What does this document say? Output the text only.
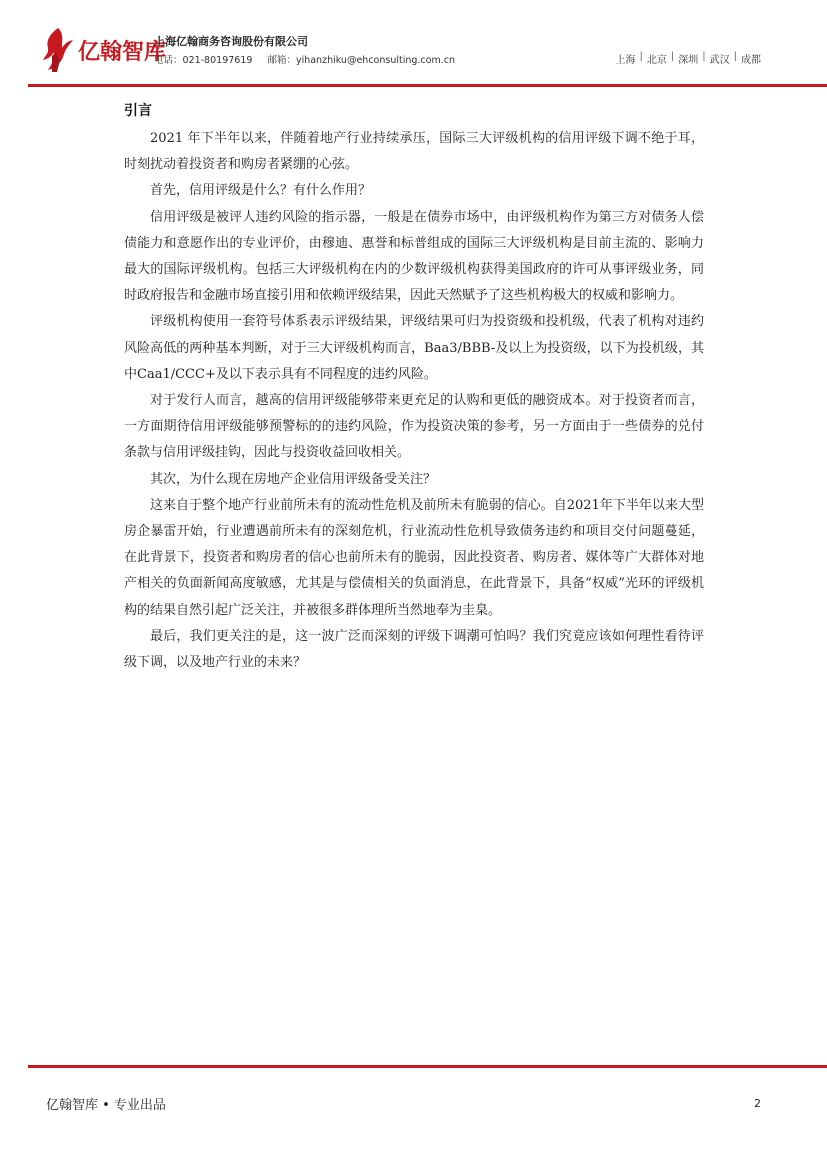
亿翰智库
上海亿翰商务咨询股份有限公司
电话：021-80197619 邮箱：yihanzhiku@ehconsulting.com.cn	上海 | 北京 | 深圳 | 武汉 | 成都
引言

2021 年下半年以来，伴随着地产行业持续承压，国际三大评级机构的信用评级下调不绝于耳，时刻扰动着投资者和购房者紧绷的心弦。

首先，信用评级是什么？有什么作用？

信用评级是被评人违约风险的指示器，一般是在债券市场中，由评级机构作为第三方对债务人偿债能力和意愿作出的专业评价，由穆迪、惠誉和标普组成的国际三大评级机构是目前主流的、影响力最大的国际评级机构。包括三大评级机构在内的少数评级机构获得美国政府的许可从事评级业务，同时政府报告和金融市场直接引用和依赖评级结果，因此天然赋予了这些机构极大的权威和影响力。

评级机构使用一套符号体系表示评级结果，评级结果可归为投资级和投机级，代表了机构对违约风险高低的两种基本判断，对于三大评级机构而言，Baa3/BBB-及以上为投资级，以下为投机级，其中Caa1/CCC+及以下表示具有不同程度的违约风险。

对于发行人而言，越高的信用评级能够带来更充足的认购和更低的融资成本。对于投资者而言，一方面期待信用评级能够预警标的的违约风险，作为投资决策的参考，另一方面由于一些债券的兑付条款与信用评级挂钩，因此与投资收益回收相关。

其次，为什么现在房地产企业信用评级备受关注？

这来自于整个地产行业前所未有的流动性危机及前所未有脆弱的信心。自2021年下半年以来大型房企暴雷开始，行业遭遇前所未有的深刻危机，行业流动性危机导致债务违约和项目交付问题蔓延，在此背景下，投资者和购房者的信心也前所未有的脆弱，因此投资者、购房者、媒体等广大群体对地产相关的负面新闻高度敏感，尤其是与偿债相关的负面消息，在此背景下，具备“权威”光环的评级机构的结果自然引起广泛关注，并被很多群体理所当然地奉为圭臬。

最后，我们更关注的是，这一波广泛而深刻的评级下调潮可怕吗？我们究竟应该如何理性看待评级下调，以及地产行业的未来？

亿翰智库 • 专业出品	2
